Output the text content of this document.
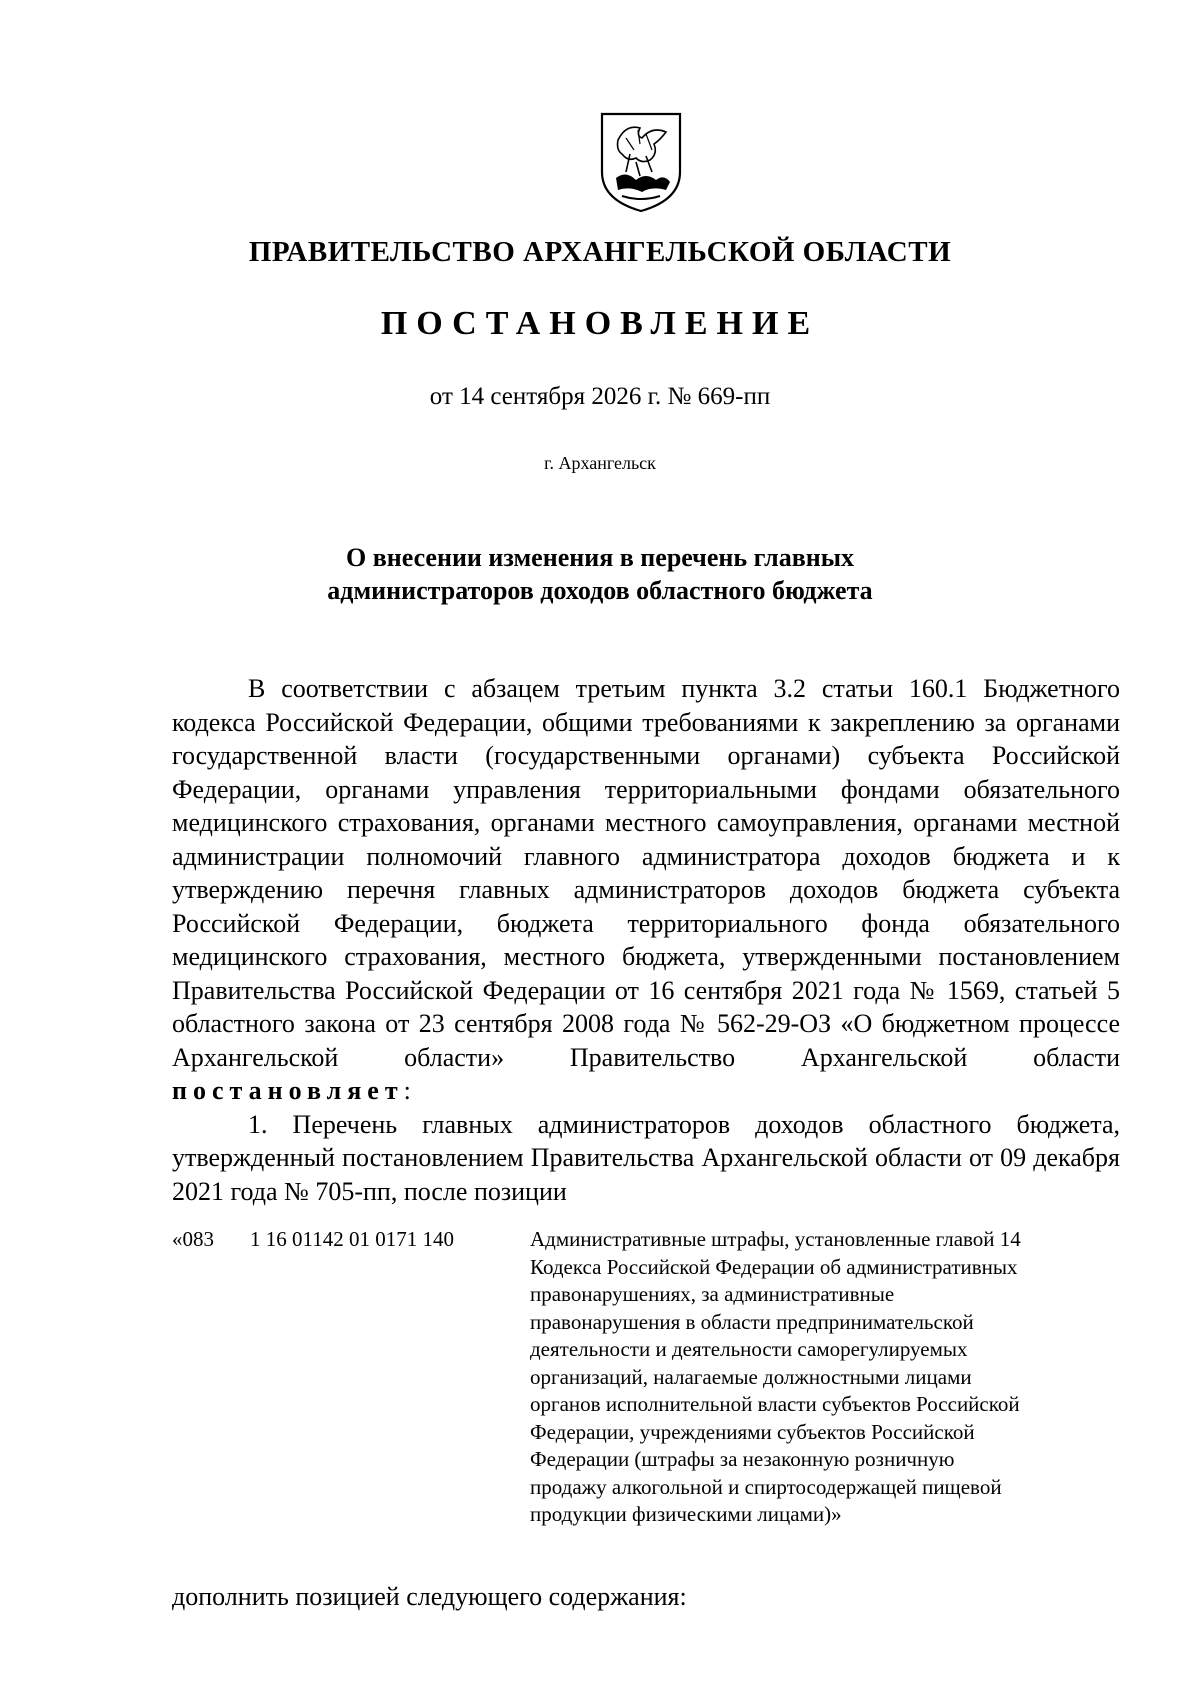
ПРАВИТЕЛЬСТВО АРХАНГЕЛЬСКОЙ ОБЛАСТИ
ПОСТАНОВЛЕНИЕ
от 14 сентября 2026 г. № 669-пп
г. Архангельск
О внесении изменения в перечень главных
администраторов доходов областного бюджета

В соответствии с абзацем третьим пункта 3.2 статьи 160.1 Бюджетного кодекса Российской Федерации, общими требованиями к закреплению за органами государственной власти (государственными органами) субъекта Российской Федерации, органами управления территориальными фондами обязательного медицинского страхования, органами местного самоуправления, органами местной администрации полномочий главного администратора доходов бюджета и к утверждению перечня главных администраторов доходов бюджета субъекта Российской Федерации, бюджета территориального фонда обязательного медицинского страхования, местного бюджета, утвержденными постановлением Правительства Российской Федерации от 16 сентября 2021 года № 1569, статьей 5 областного закона от 23 сентября 2008 года № 562-29-ОЗ «О бюджетном процессе Архангельской области» Правительство Архангельской области постановляет:

1. Перечень главных администраторов доходов областного бюджета, утвержденный постановлением Правительства Архангельской области от 09 декабря 2021 года № 705-пп, после позиции

«083	1 16 01142 01 0171 140	Административные штрафы, установленные главой 14
Кодекса Российской Федерации об административных
правонарушениях, за административные
правонарушения в области предпринимательской
деятельности и деятельности саморегулируемых
организаций, налагаемые должностными лицами
органов исполнительной власти субъектов Российской
Федерации, учреждениями субъектов Российской
Федерации (штрафы за незаконную розничную
продажу алкогольной и спиртосодержащей пищевой
продукции физическими лицами)»
дополнить позицией следующего содержания:
